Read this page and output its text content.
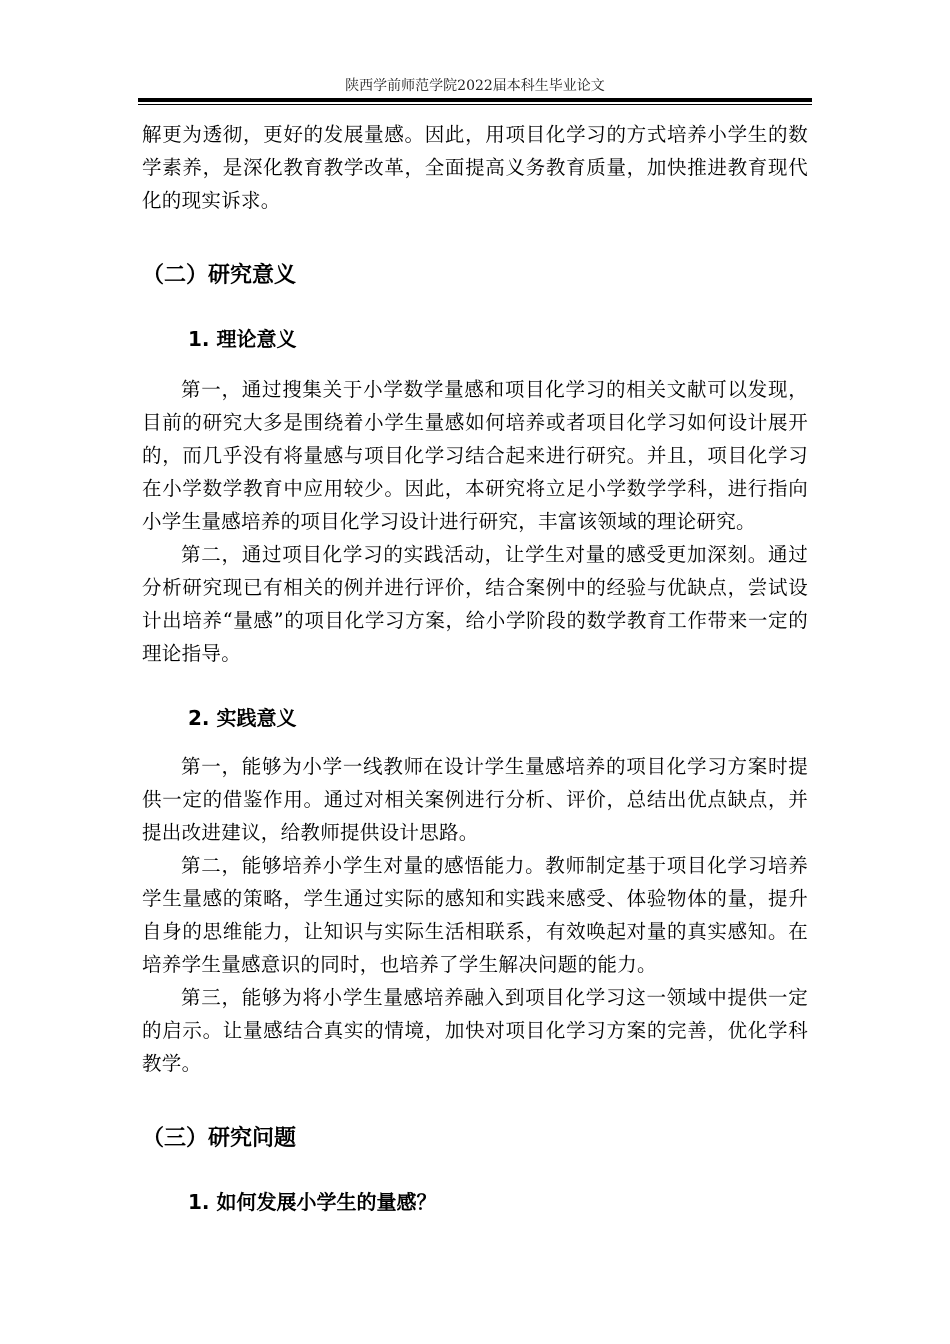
陕西学前师范学院2022届本科生毕业论文

解更为透彻，更好的发展量感。因此，用项目化学习的方式培养小学生的数学素养，是深化教育教学改革，全面提高义务教育质量，加快推进教育现代化的现实诉求。

（二）研究意义
1. 理论意义

第一，通过搜集关于小学数学量感和项目化学习的相关文献可以发现，目前的研究大多是围绕着小学生量感如何培养或者项目化学习如何设计展开的，而几乎没有将量感与项目化学习结合起来进行研究。并且，项目化学习在小学数学教育中应用较少。因此，本研究将立足小学数学学科，进行指向小学生量感培养的项目化学习设计进行研究，丰富该领域的理论研究。

第二，通过项目化学习的实践活动，让学生对量的感受更加深刻。通过分析研究现已有相关的例并进行评价，结合案例中的经验与优缺点，尝试设计出培养“量感”的项目化学习方案，给小学阶段的数学教育工作带来一定的理论指导。

2. 实践意义

第一，能够为小学一线教师在设计学生量感培养的项目化学习方案时提供一定的借鉴作用。通过对相关案例进行分析、评价，总结出优点缺点，并提出改进建议，给教师提供设计思路。

第二，能够培养小学生对量的感悟能力。教师制定基于项目化学习培养学生量感的策略，学生通过实际的感知和实践来感受、体验物体的量，提升自身的思维能力，让知识与实际生活相联系，有效唤起对量的真实感知。在培养学生量感意识的同时，也培养了学生解决问题的能力。

第三，能够为将小学生量感培养融入到项目化学习这一领域中提供一定的启示。让量感结合真实的情境，加快对项目化学习方案的完善，优化学科教学。

（三）研究问题
1. 如何发展小学生的量感？
